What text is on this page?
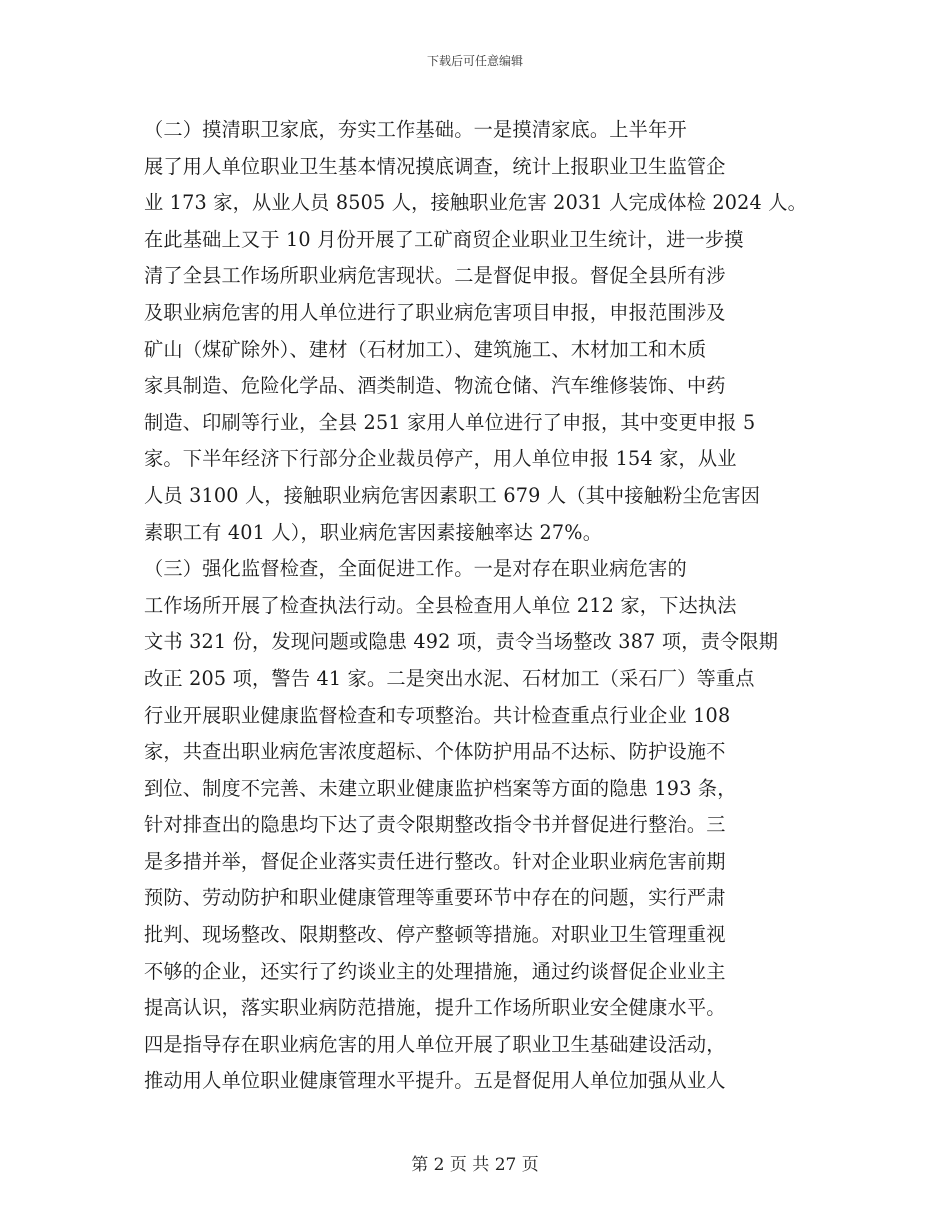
下载后可任意编辑
（二）摸清职卫家底，夯实工作基础。一是摸清家底。上半年开
展了用人单位职业卫生基本情况摸底调查，统计上报职业卫生监管企
业 173 家，从业人员 8505 人，接触职业危害 2031 人完成体检 2024 人。
在此基础上又于 10 月份开展了工矿商贸企业职业卫生统计，进一步摸
清了全县工作场所职业病危害现状。二是督促申报。督促全县所有涉
及职业病危害的用人单位进行了职业病危害项目申报，申报范围涉及
矿山（煤矿除外）、建材（石材加工）、建筑施工、木材加工和木质
家具制造、危险化学品、酒类制造、物流仓储、汽车维修装饰、中药
制造、印刷等行业，全县 251 家用人单位进行了申报，其中变更申报 5
家。下半年经济下行部分企业裁员停产，用人单位申报 154 家，从业
人员 3100 人，接触职业病危害因素职工 679 人（其中接触粉尘危害因
素职工有 401 人），职业病危害因素接触率达 27%。
（三）强化监督检查，全面促进工作。一是对存在职业病危害的
工作场所开展了检查执法行动。全县检查用人单位 212 家，下达执法
文书 321 份，发现问题或隐患 492 项，责令当场整改 387 项，责令限期
改正 205 项，警告 41 家。二是突出水泥、石材加工（采石厂）等重点
行业开展职业健康监督检查和专项整治。共计检查重点行业企业 108
家，共查出职业病危害浓度超标、个体防护用品不达标、防护设施不
到位、制度不完善、未建立职业健康监护档案等方面的隐患 193 条，
针对排查出的隐患均下达了责令限期整改指令书并督促进行整治。三
是多措并举，督促企业落实责任进行整改。针对企业职业病危害前期
预防、劳动防护和职业健康管理等重要环节中存在的问题，实行严肃
批判、现场整改、限期整改、停产整顿等措施。对职业卫生管理重视
不够的企业，还实行了约谈业主的处理措施，通过约谈督促企业业主
提高认识，落实职业病防范措施，提升工作场所职业安全健康水平。
四是指导存在职业病危害的用人单位开展了职业卫生基础建设活动，
推动用人单位职业健康管理水平提升。五是督促用人单位加强从业人
第 2 页 共 27 页
